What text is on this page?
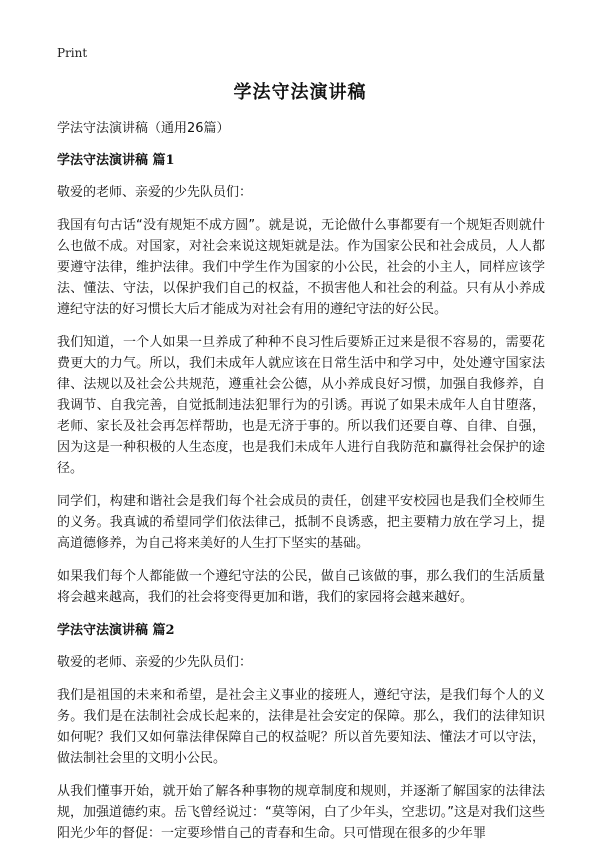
Print
学法守法演讲稿
学法守法演讲稿（通用26篇）
学法守法演讲稿 篇1

敬爱的老师、亲爱的少先队员们：

我国有句古话“没有规矩不成方圆”。就是说，无论做什么事都要有一个规矩否则就什么也做不成。对国家，对社会来说这规矩就是法。作为国家公民和社会成员，人人都要遵守法律，维护法律。我们中学生作为国家的小公民，社会的小主人，同样应该学法、懂法、守法，以保护我们自己的权益，不损害他人和社会的利益。只有从小养成遵纪守法的好习惯长大后才能成为对社会有用的遵纪守法的好公民。

我们知道，一个人如果一旦养成了种种不良习性后要矫正过来是很不容易的，需要花费更大的力气。所以，我们未成年人就应该在日常生活中和学习中，处处遵守国家法律、法规以及社会公共规范，遵重社会公德，从小养成良好习惯，加强自我修养，自我调节、自我完善，自觉抵制违法犯罪行为的引诱。再说了如果未成年人自甘堕落，老师、家长及社会再怎样帮助，也是无济于事的。所以我们还要自尊、自律、自强，因为这是一种积极的人生态度，也是我们未成年人进行自我防范和赢得社会保护的途径。

同学们，构建和谐社会是我们每个社会成员的责任，创建平安校园也是我们全校师生的义务。我真诚的希望同学们依法律己，抵制不良诱惑，把主要精力放在学习上，提高道德修养，为自己将来美好的人生打下坚实的基础。

如果我们每个人都能做一个遵纪守法的公民，做自己该做的事，那么我们的生活质量将会越来越高，我们的社会将变得更加和谐，我们的家园将会越来越好。

学法守法演讲稿 篇2

敬爱的老师、亲爱的少先队员们：

我们是祖国的未来和希望，是社会主义事业的接班人，遵纪守法，是我们每个人的义务。我们是在法制社会成长起来的，法律是社会安定的保障。那么，我们的法律知识如何呢？我们又如何靠法律保障自己的权益呢？所以首先要知法、懂法才可以守法，做法制社会里的文明小公民。

从我们懂事开始，就开始了解各种事物的规章制度和规则，并逐渐了解国家的法律法规，加强道德约束。岳飞曾经说过：“莫等闲，白了少年头，空悲切。”这是对我们这些阳光少年的督促：一定要珍惜自己的青春和生命。只可惜现在很多的少年罪
